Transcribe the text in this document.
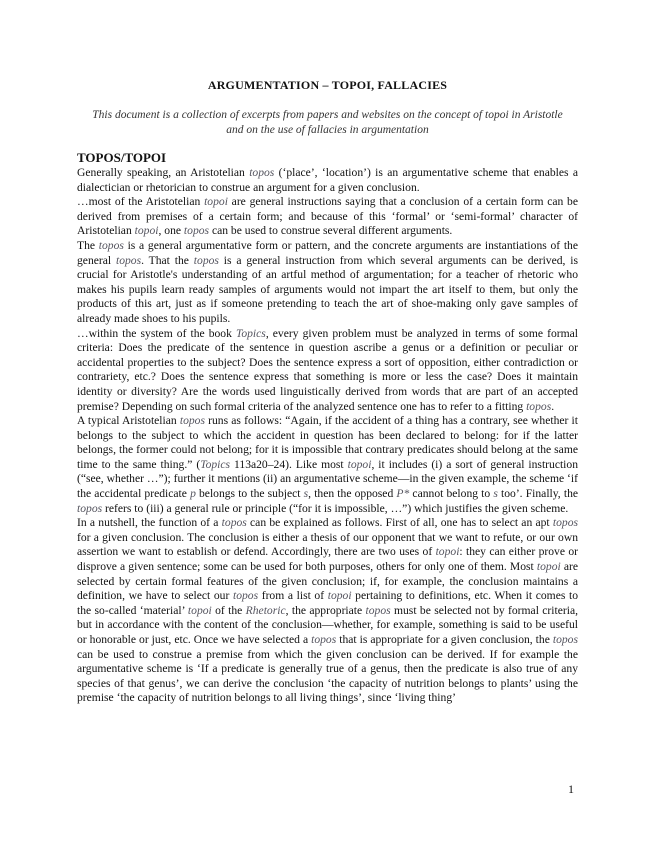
ARGUMENTATION – TOPOI, FALLACIES
This document is a collection of excerpts from papers and websites on the concept of topoi in Aristotle and on the use of fallacies in argumentation
TOPOS/TOPOI

Generally speaking, an Aristotelian topos (‘place’, ‘location’) is an argumentative scheme that enables a dialectician or rhetorician to construe an argument for a given conclusion.

…most of the Aristotelian topoi are general instructions saying that a conclusion of a certain form can be derived from premises of a certain form; and because of this ‘formal’ or ‘semi-formal’ character of Aristotelian topoi, one topos can be used to construe several different arguments.

The topos is a general argumentative form or pattern, and the concrete arguments are instantiations of the general topos. That the topos is a general instruction from which several arguments can be derived, is crucial for Aristotle's understanding of an artful method of argumentation; for a teacher of rhetoric who makes his pupils learn ready samples of arguments would not impart the art itself to them, but only the products of this art, just as if someone pretending to teach the art of shoe-making only gave samples of already made shoes to his pupils.

…within the system of the book Topics, every given problem must be analyzed in terms of some formal criteria: Does the predicate of the sentence in question ascribe a genus or a definition or peculiar or accidental properties to the subject? Does the sentence express a sort of opposition, either contradiction or contrariety, etc.? Does the sentence express that something is more or less the case? Does it maintain identity or diversity? Are the words used linguistically derived from words that are part of an accepted premise? Depending on such formal criteria of the analyzed sentence one has to refer to a fitting topos.

A typical Aristotelian topos runs as follows: “Again, if the accident of a thing has a contrary, see whether it belongs to the subject to which the accident in question has been declared to belong: for if the latter belongs, the former could not belong; for it is impossible that contrary predicates should belong at the same time to the same thing.” (Topics 113a20–24). Like most topoi, it includes (i) a sort of general instruction (“see, whether …”); further it mentions (ii) an argumentative scheme—in the given example, the scheme ‘if the accidental predicate p belongs to the subject s, then the opposed P* cannot belong to s too’. Finally, the topos refers to (iii) a general rule or principle (“for it is impossible, …”) which justifies the given scheme.

In a nutshell, the function of a topos can be explained as follows. First of all, one has to select an apt topos for a given conclusion. The conclusion is either a thesis of our opponent that we want to refute, or our own assertion we want to establish or defend. Accordingly, there are two uses of topoi: they can either prove or disprove a given sentence; some can be used for both purposes, others for only one of them. Most topoi are selected by certain formal features of the given conclusion; if, for example, the conclusion maintains a definition, we have to select our topos from a list of topoi pertaining to definitions, etc. When it comes to the so-called ‘material’ topoi of the Rhetoric, the appropriate topos must be selected not by formal criteria, but in accordance with the content of the conclusion—whether, for example, something is said to be useful or honorable or just, etc. Once we have selected a topos that is appropriate for a given conclusion, the topos can be used to construe a premise from which the given conclusion can be derived. If for example the argumentative scheme is ‘If a predicate is generally true of a genus, then the predicate is also true of any species of that genus’, we can derive the conclusion ‘the capacity of nutrition belongs to plants’ using the premise ‘the capacity of nutrition belongs to all living things’, since ‘living thing’

1
